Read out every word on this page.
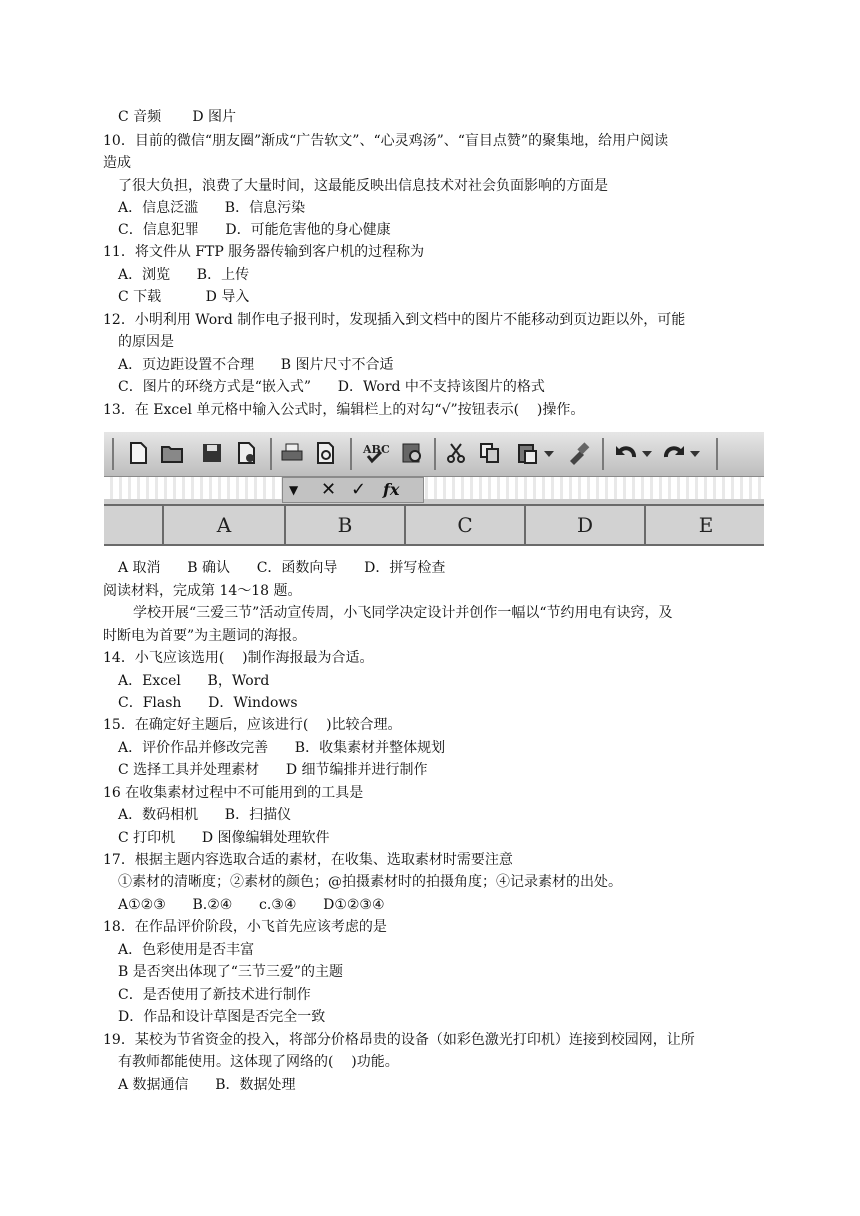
C 音频       D 图片
10．目前的微信“朋友圈”渐成“广告软文”、“心灵鸡汤”、“盲目点赞”的聚集地，给用户阅读
造成
了很大负担，浪费了大量时间，这最能反映出信息技术对社会负面影响的方面是
A．信息泛滥      B．信息污染
C．信息犯罪      D．可能危害他的身心健康
11．将文件从 FTP 服务器传输到客户机的过程称为
A．浏览      B．上传
C 下载          D 导入
12．小明利用 Word 制作电子报刊时，发现插入到文档中的图片不能移动到页边距以外，可能
的原因是
A．页边距设置不合理      B 图片尺寸不合适
C．图片的环绕方式是“嵌入式”      D．Word 中不支持该图片的格式
13．在 Excel 单元格中输入公式时，编辑栏上的对勾“√”按钮表示(    )操作。
ABC
▼ ✕ ✓ fx
A	B	C	D	E
A 取消      B 确认      C．函数向导      D．拼写检查
阅读材料，完成第 14～18 题。
学校开展“三爱三节”活动宣传周，小飞同学决定设计并创作一幅以“节约用电有诀窍，及
时断电为首要”为主题词的海报。
14．小飞应该选用(    )制作海报最为合适。
A．Excel      B，Word
C．Flash      D．Windows
15．在确定好主题后，应该进行(    )比较合理。
A．评价作品并修改完善      B．收集素材并整体规划
C 选择工具并处理素材      D 细节编排并进行制作
16 在收集素材过程中不可能用到的工具是
A．数码相机      B．扫描仪
C 打印机      D 图像编辑处理软件
17．根据主题内容选取合适的素材，在收集、选取素材时需要注意
①素材的清晰度；②素材的颜色；@拍摄素材时的拍摄角度；④记录素材的出处。
A①②③      B.②④      c.③④      D①②③④
18．在作品评价阶段，小飞首先应该考虑的是
A．色彩使用是否丰富
B 是否突出体现了“三节三爱”的主题
C．是否使用了新技术进行制作
D．作品和设计草图是否完全一致
19．某校为节省资金的投入，将部分价格昂贵的设备（如彩色激光打印机）连接到校园网，让所
有教师都能使用。这体现了网络的(    )功能。
A 数据通信      B．数据处理
